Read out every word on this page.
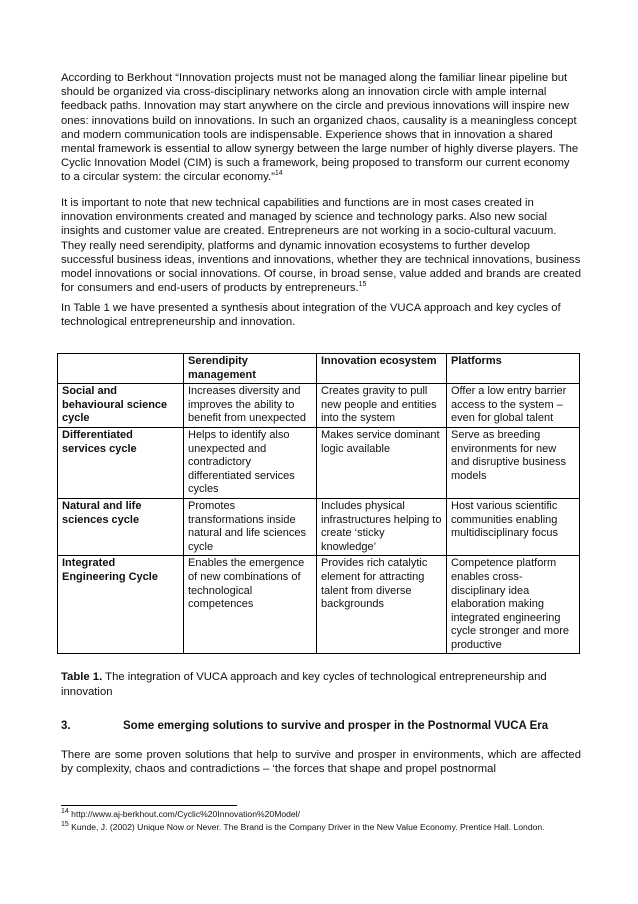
According to Berkhout “Innovation projects must not be managed along the familiar linear pipeline but should be organized via cross-disciplinary networks along an innovation circle with ample internal feedback paths. Innovation may start anywhere on the circle and previous innovations will inspire new ones: innovations build on innovations. In such an organized chaos, causality is a meaningless concept and modern communication tools are indispensable. Experience shows that in innovation a shared mental framework is essential to allow synergy between the large number of highly diverse players. The Cyclic Innovation Model (CIM) is such a framework, being proposed to transform our current economy to a circular system: the circular economy.”$^{14}$

It is important to note that new technical capabilities and functions are in most cases created in innovation environments created and managed by science and technology parks. Also new social insights and customer value are created. Entrepreneurs are not working in a socio-cultural vacuum. They really need serendipity, platforms and dynamic innovation ecosystems to further develop successful business ideas, inventions and innovations, whether they are technical innovations, business model innovations or social innovations. Of course, in broad sense, value added and brands are created for consumers and end-users of products by entrepreneurs.$^{15}$

In Table 1 we have presented a synthesis about integration of the VUCA approach and key cycles of technological entrepreneurship and innovation.

	Serendipity management	Innovation ecosystem	Platforms
Social and behavioural science cycle	Increases diversity and improves the ability to benefit from unexpected	Creates gravity to pull new people and entities into the system	Offer a low entry barrier access to the system – even for global talent
Differentiated services cycle	Helps to identify also unexpected and contradictory differentiated services cycles	Makes service dominant logic available	Serve as breeding environments for new and disruptive business models
Natural and life sciences cycle	Promotes transformations inside natural and life sciences cycle	Includes physical infrastructures helping to create ‘sticky knowledge’	Host various scientific communities enabling multidisciplinary focus
Integrated Engineering Cycle	Enables the emergence of new combinations of technological competences	Provides rich catalytic element for attracting talent from diverse backgrounds	Competence platform enables cross-disciplinary idea elaboration making integrated engineering cycle stronger and more productive

Table 1. The integration of VUCA approach and key cycles of technological entrepreneurship and innovation

3.	Some emerging solutions to survive and prosper in the Postnormal VUCA Era

There are some proven solutions that help to survive and prosper in environments, which are affected by complexity, chaos and contradictions – ‘the forces that shape and propel postnormal

$^{14}$ http://www.aj-berkhout.com/Cyclic%20Innovation%20Model/

$^{15}$ Kunde, J. (2002) Unique Now or Never. The Brand is the Company Driver in the New Value Economy. Prentice Hall. London.
